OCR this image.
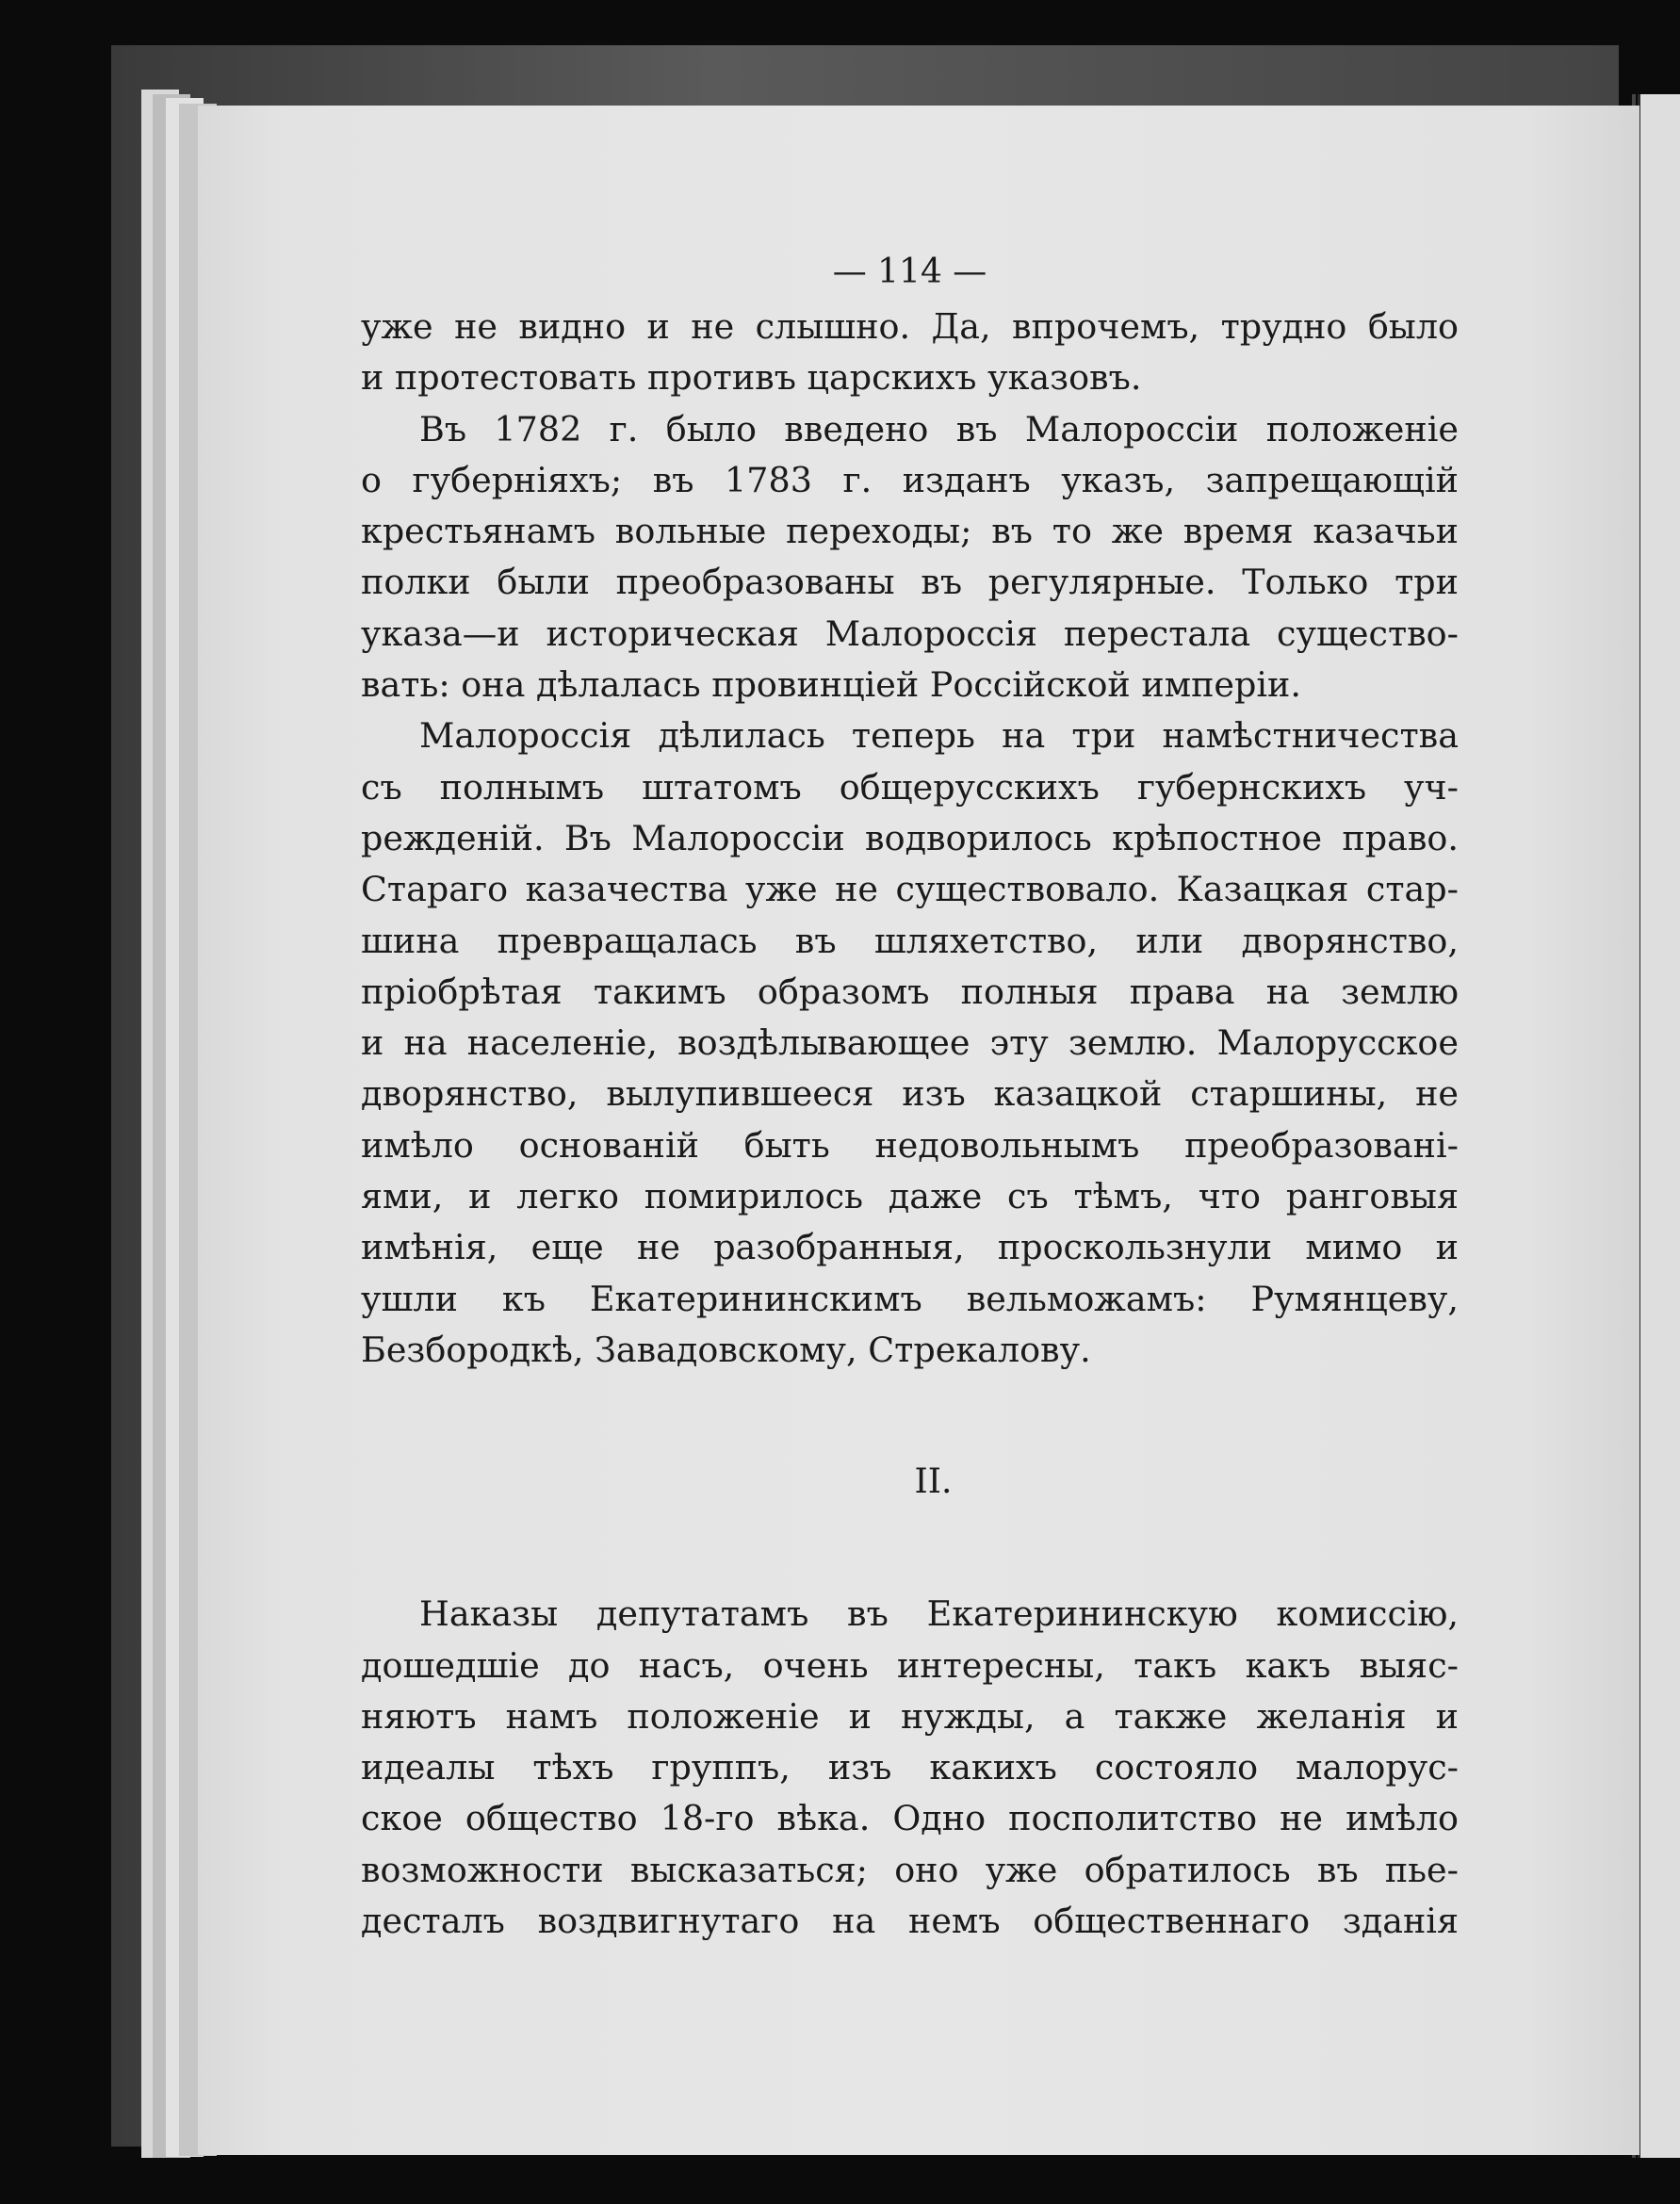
— 114 —
уже не видно и не слышно. Да, впрочемъ, трудно было
и протестовать противъ царскихъ указовъ.
Въ 1782 г. было введено въ Малороссіи положеніе
о губерніяхъ; въ 1783 г. изданъ указъ, запрещающій
крестьянамъ вольные переходы; въ то же время казачьи
полки были преобразованы въ регулярные. Только три
указа—и историческая Малороссія перестала существо-
вать: она дѣлалась провинціей Россійской имперіи.
Малороссія дѣлилась теперь на три намѣстничества
съ полнымъ штатомъ общерусскихъ губернскихъ уч-
режденій. Въ Малороссіи водворилось крѣпостное право.
Стараго казачества уже не существовало. Казацкая стар-
шина превращалась въ шляхетство, или дворянство,
пріобрѣтая такимъ образомъ полныя права на землю
и на населеніе, воздѣлывающее эту землю. Малорусское
дворянство, вылупившееся изъ казацкой старшины, не
имѣло основаній быть недовольнымъ преобразовані-
ями, и легко помирилось даже съ тѣмъ, что ранговыя
имѣнія, еще не разобранныя, проскользнули мимо и
ушли къ Екатерининскимъ вельможамъ: Румянцеву,
Безбородкѣ, Завадовскому, Стрекалову.
II.
Наказы депутатамъ въ Екатерининскую комиссію,
дошедшіе до насъ, очень интересны, такъ какъ выяс-
няютъ намъ положеніе и нужды, а также желанія и
идеалы тѣхъ группъ, изъ какихъ состояло малорус-
ское общество 18-го вѣка. Одно посполитство не имѣло
возможности высказаться; оно уже обратилось въ пье-
десталъ воздвигнутаго на немъ общественнаго зданія
